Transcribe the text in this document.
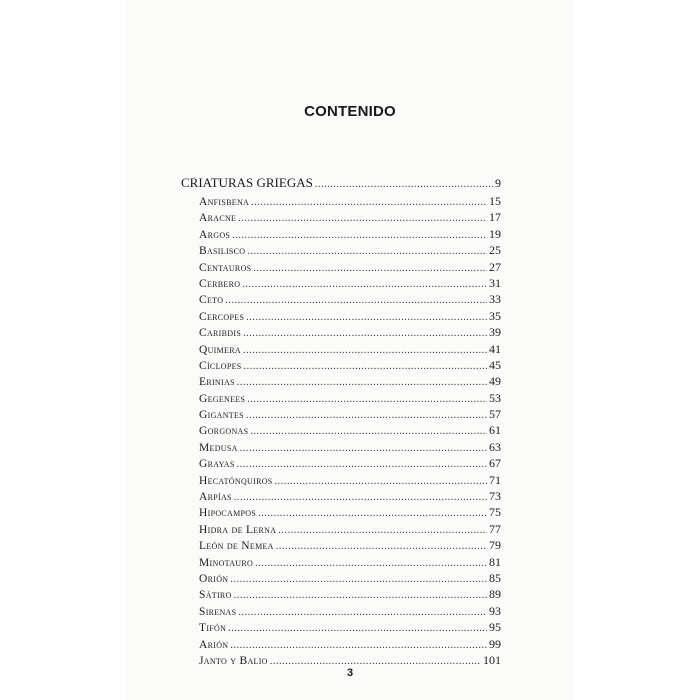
CONTENIDO
CRIATURAS GRIEGAS .....	9
Anfisbena .....	15
Aracne .....	17
Argos .....	19
Basilisco .....	25
Centauros .....	27
Cerbero .....	31
Ceto .....	33
Cercopes .....	35
Caribdis .....	39
Quimera .....	41
Cíclopes .....	45
Erinias .....	49
Gegenees .....	53
Gigantes .....	57
Gorgonas .....	61
Medusa .....	63
Grayas .....	67
Hecatónquiros .....	71
Arpías .....	73
Hipocampos .....	75
Hidra de Lerna .....	77
León de Nemea .....	79
Minotauro .....	81
Orión .....	85
Sátiro .....	89
Sirenas .....	93
Tifón .....	95
Arión .....	99
Janto y Balio .....	101
3
